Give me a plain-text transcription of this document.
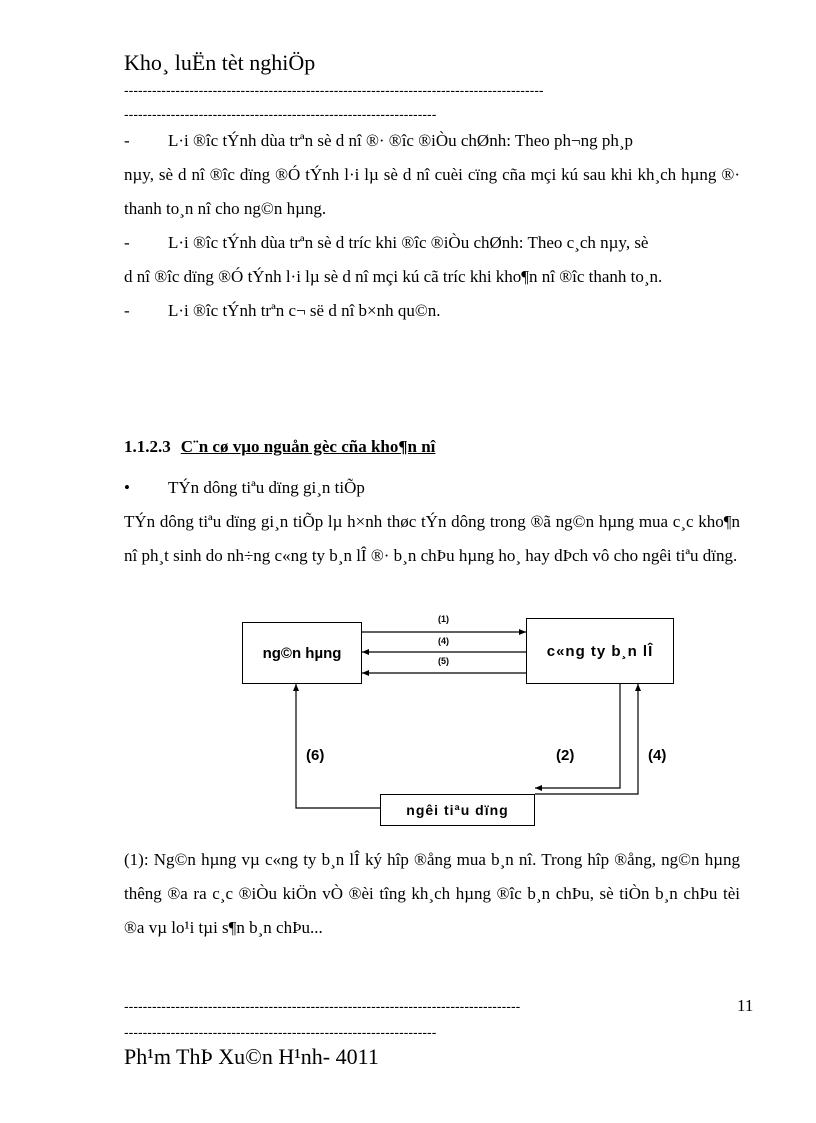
Kho¸ luËn tèt nghiÖp
------------------------------------------------------------------------------------------
-------------------------------------------------------------------
- L·i ®îc tÝnh dùa trªn sè d nî ®· ®îc ®iÒu chØnh: Theo ph¬ng ph¸p
nµy, sè d nî ®îc dïng ®Ó tÝnh l·i lµ sè d nî cuèi cïng cña mçi kú sau khi kh¸ch hµng ®· thanh to¸n nî cho ng©n hµng.
- L·i ®îc tÝnh dùa trªn sè d tríc khi ®îc ®iÒu chØnh: Theo c¸ch nµy, sè
d nî ®îc dïng ®Ó tÝnh l·i lµ sè d nî mçi kú cã tríc khi kho¶n nî ®îc thanh to¸n.
- L·i ®îc tÝnh trªn c¬ së d nî b×nh qu©n.
1.1.2.3 C¨n cø vµo nguån gèc cña kho¶n nî
• TÝn dông tiªu dïng gi¸n tiÕp
TÝn dông tiªu dïng gi¸n tiÕp lµ h×nh thøc tÝn dông trong ®ã ng©n hµng mua c¸c kho¶n nî ph¸t sinh do nh÷ng c«ng ty b¸n lÎ ®· b¸n chÞu hµng ho¸ hay dÞch vô cho ngêi tiªu dïng.
ng©n hµng	c«ng ty b¸n lÎ
ngêi tiªu dïng
(1)
(4)
(5)
(6)	(2)	(4)
(1): Ng©n hµng vµ c«ng ty b¸n lÎ ký hîp ®ång mua b¸n nî. Trong hîp ®ång, ng©n hµng thêng ®a ra c¸c ®iÒu kiÖn vÒ ®èi tîng kh¸ch hµng ®îc b¸n chÞu, sè tiÒn b¸n chÞu tèi ®a vµ lo¹i tµi s¶n b¸n chÞu...
-------------------------------------------------------------------------------------	11
-------------------------------------------------------------------
Ph¹m ThÞ Xu©n H¹nh- 4011
